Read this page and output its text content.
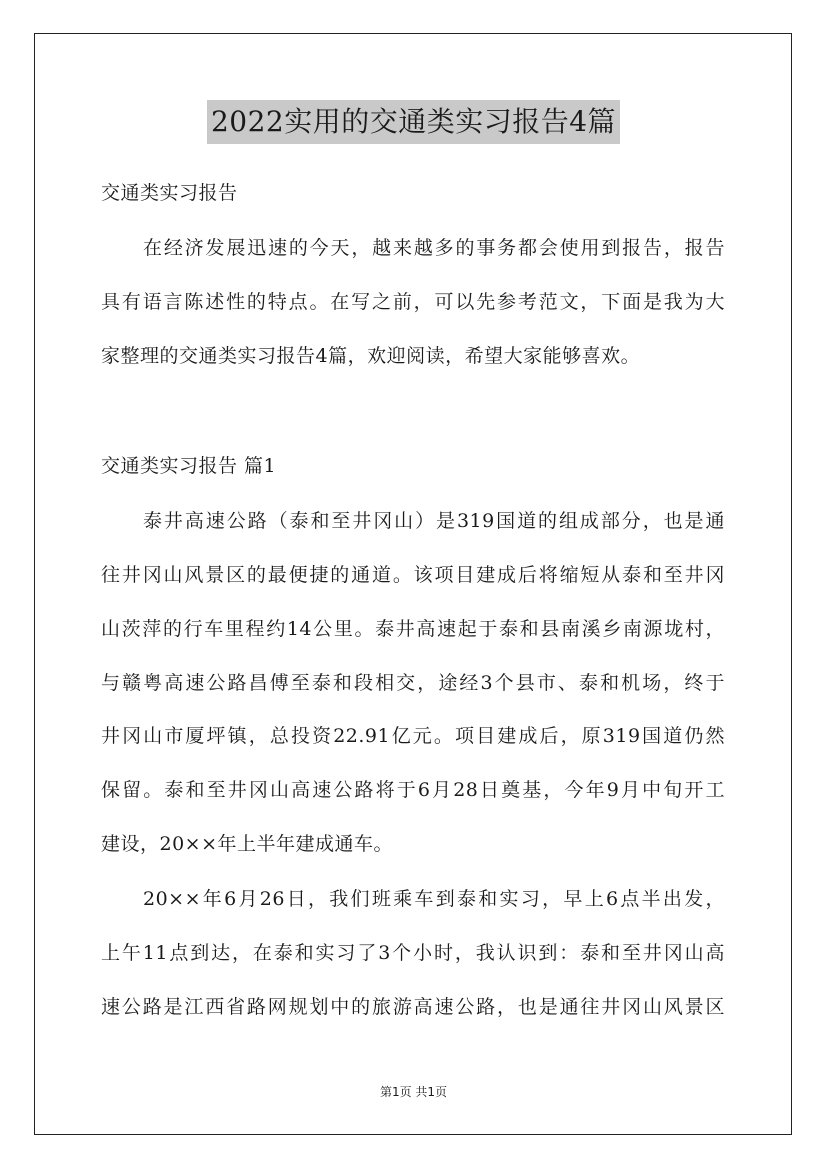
2022实用的交通类实习报告4篇
交通类实习报告
在经济发展迅速的今天，越来越多的事务都会使用到报告，报告
具有语言陈述性的特点。在写之前，可以先参考范文，下面是我为大
家整理的交通类实习报告4篇，欢迎阅读，希望大家能够喜欢。
交通类实习报告 篇1
泰井高速公路（泰和至井冈山）是319国道的组成部分，也是通
往井冈山风景区的最便捷的通道。该项目建成后将缩短从泰和至井冈
山茨萍的行车里程约14公里。泰井高速起于泰和县南溪乡南源垅村，
与赣粤高速公路昌傅至泰和段相交，途经3个县市、泰和机场，终于
井冈山市厦坪镇，总投资22.91亿元。项目建成后，原319国道仍然
保留。泰和至井冈山高速公路将于6月28日奠基，今年9月中旬开工
建设，20××年上半年建成通车。
20××年6月26日，我们班乘车到泰和实习，早上6点半出发，
上午11点到达，在泰和实习了3个小时，我认识到：泰和至井冈山高
速公路是江西省路网规划中的旅游高速公路，也是通往井冈山风景区
第1页 共1页
